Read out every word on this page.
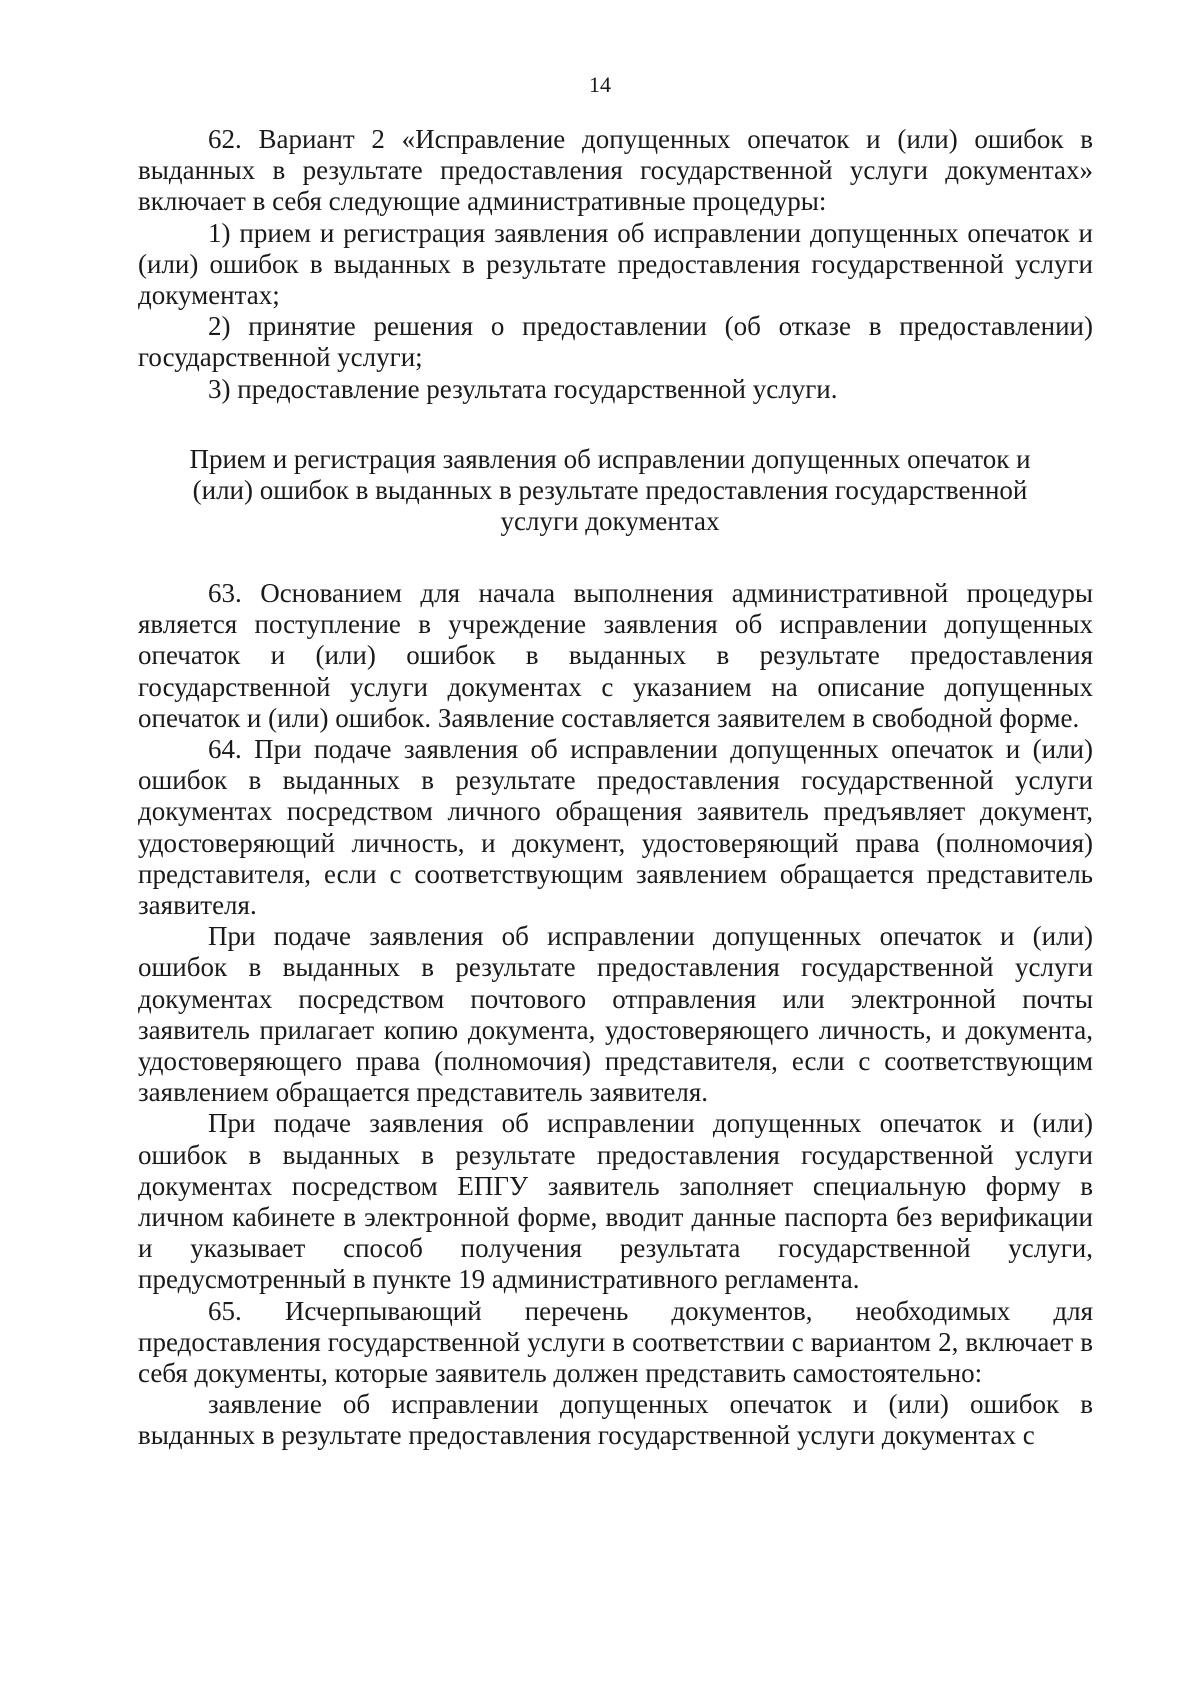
14

62. Вариант 2 «Исправление допущенных опечаток и (или) ошибок в выданных в результате предоставления государственной услуги документах» включает в себя следующие административные процедуры:

1) прием и регистрация заявления об исправлении допущенных опечаток и (или) ошибок в выданных в результате предоставления государственной услуги документах;

2) принятие решения о предоставлении (об отказе в предоставлении) государственной услуги;

3) предоставление результата государственной услуги.

Прием и регистрация заявления об исправлении допущенных опечаток и (или) ошибок в выданных в результате предоставления государственной услуги документах

63. Основанием для начала выполнения административной процедуры является поступление в учреждение заявления об исправлении допущенных опечаток и (или) ошибок в выданных в результате предоставления государственной услуги документах с указанием на описание допущенных опечаток и (или) ошибок. Заявление составляется заявителем в свободной форме.

64. При подаче заявления об исправлении допущенных опечаток и (или) ошибок в выданных в результате предоставления государственной услуги документах посредством личного обращения заявитель предъявляет документ, удостоверяющий личность, и документ, удостоверяющий права (полномочия) представителя, если с соответствующим заявлением обращается представитель заявителя.

При подаче заявления об исправлении допущенных опечаток и (или) ошибок в выданных в результате предоставления государственной услуги документах посредством почтового отправления или электронной почты заявитель прилагает копию документа, удостоверяющего личность, и документа, удостоверяющего права (полномочия) представителя, если с соответствующим заявлением обращается представитель заявителя.

При подаче заявления об исправлении допущенных опечаток и (или) ошибок в выданных в результате предоставления государственной услуги документах посредством ЕПГУ заявитель заполняет специальную форму в личном кабинете в электронной форме, вводит данные паспорта без верификации и указывает способ получения результата государственной услуги, предусмотренный в пункте 19 административного регламента.

65. Исчерпывающий перечень документов, необходимых для предоставления государственной услуги в соответствии с вариантом 2, включает в себя документы, которые заявитель должен представить самостоятельно:

заявление об исправлении допущенных опечаток и (или) ошибок в выданных в результате предоставления государственной услуги документах с
